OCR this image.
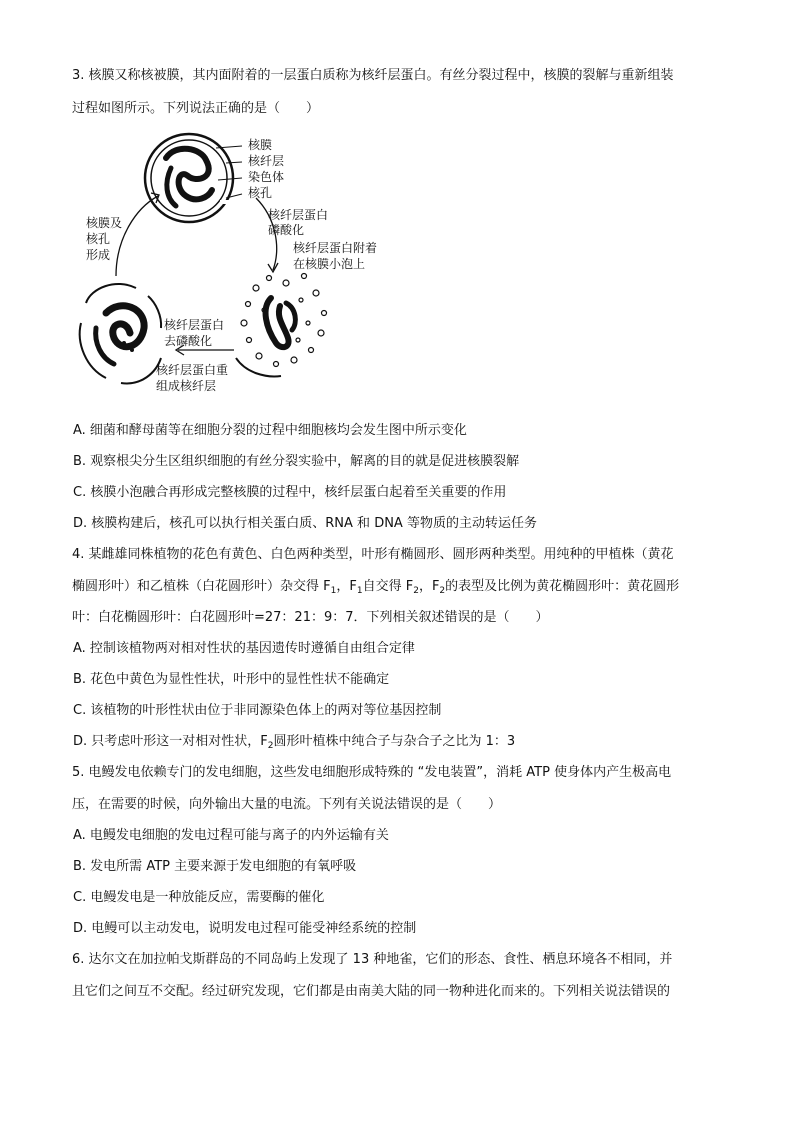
3. 核膜又称核被膜，其内面附着的一层蛋白质称为核纤层蛋白。有丝分裂过程中，核膜的裂解与重新组装
过程如图所示。下列说法正确的是（　　）
核膜
核纤层
染色体
核孔
核纤层蛋白
磷酸化
核纤层蛋白附着
在核膜小泡上
核纤层蛋白
去磷酸化
核纤层蛋白重
组成核纤层
核膜及
核孔
形成
A. 细菌和酵母菌等在细胞分裂的过程中细胞核均会发生图中所示变化
B. 观察根尖分生区组织细胞的有丝分裂实验中，解离的目的就是促进核膜裂解
C. 核膜小泡融合再形成完整核膜的过程中，核纤层蛋白起着至关重要的作用
D. 核膜构建后，核孔可以执行相关蛋白质、RNA 和 DNA 等物质的主动转运任务
4. 某雌雄同株植物的花色有黄色、白色两种类型，叶形有椭圆形、圆形两种类型。用纯种的甲植株（黄花
椭圆形叶）和乙植株（白花圆形叶）杂交得 $F_1$，$F_1$自交得 $F_2$，$F_2$的表型及比例为黄花椭圆形叶：黄花圆形
叶：白花椭圆形叶：白花圆形叶=27：21：9：7．下列相关叙述错误的是（　　）
A. 控制该植物两对相对性状的基因遗传时遵循自由组合定律
B. 花色中黄色为显性性状，叶形中的显性性状不能确定
C. 该植物的叶形性状由位于非同源染色体上的两对等位基因控制
D. 只考虑叶形这一对相对性状，$F_2$圆形叶植株中纯合子与杂合子之比为 1：3
5. 电鳗发电依赖专门的发电细胞，这些发电细胞形成特殊的 “发电装置”，消耗 ATP 使身体内产生极高电
压，在需要的时候，向外输出大量的电流。下列有关说法错误的是（　　）
A. 电鳗发电细胞的发电过程可能与离子的内外运输有关
B. 发电所需 ATP 主要来源于发电细胞的有氧呼吸
C. 电鳗发电是一种放能反应，需要酶的催化
D. 电鳗可以主动发电，说明发电过程可能受神经系统的控制
6. 达尔文在加拉帕戈斯群岛的不同岛屿上发现了 13 种地雀，它们的形态、食性、栖息环境各不相同，并
且它们之间互不交配。经过研究发现，它们都是由南美大陆的同一物种进化而来的。下列相关说法错误的
